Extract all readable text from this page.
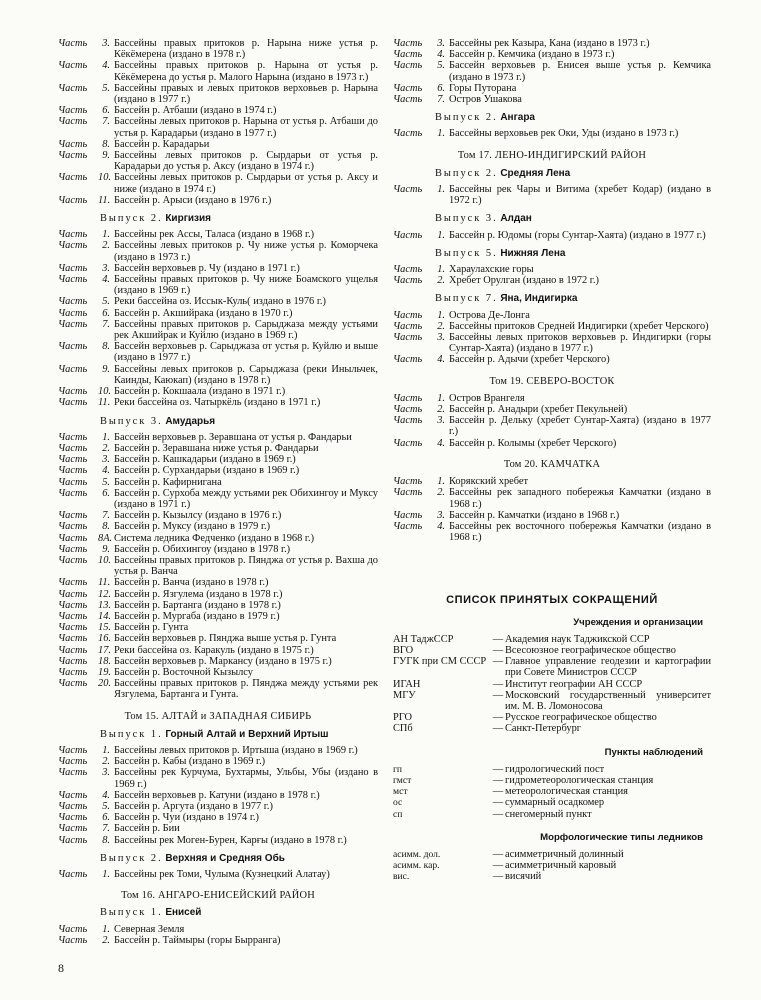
Часть	3. Бассейны правых притоков р. Нарына ниже устья р. Кёкёмерена (издано в 1978 г.)
Часть	4. Бассейны правых притоков р. Нарына от устья р. Кёкёмерена до устья р. Малого Нарына (издано в 1973 г.)
Часть	5. Бассейны правых и левых притоков верховьев р. Нарына (издано в 1977 г.)
Часть	6. Бассейн р. Атбаши (издано в 1974 г.)
Часть	7. Бассейны левых притоков р. Нарына от устья р. Атбаши до устья р. Карадарьи (издано в 1977 г.)
Часть	8. Бассейн р. Карадарьи
Часть	9. Бассейны левых притоков р. Сырдарьи от устья р. Карадарьи до устья р. Аксу (издано в 1974 г.)
Часть	10. Бассейны левых притоков р. Сырдарьи от устья р. Аксу и ниже (издано в 1974 г.)
Часть	11. Бассейн р. Арыси (издано в 1976 г.)
Выпуск 2. Киргизия
Часть	1. Бассейны рек Ассы, Таласа (издано в 1968 г.)
Часть	2. Бассейны левых притоков р. Чу ниже устья р. Коморчека (издано в 1973 г.)
Часть	3. Бассейн верховьев р. Чу (издано в 1971 г.)
Часть	4. Бассейны правых притоков р. Чу ниже Боамского ущелья (издано в 1969 г.)
Часть	5. Реки бассейна оз. Иссык-Куль( издано в 1976 г.)
Часть	6. Бассейн р. Акшийрака (издано в 1970 г.)
Часть	7. Бассейны правых притоков р. Сарыджаза между устьями рек Акшийрак и Куйлю (издано в 1969 г.)
Часть	8. Бассейн верховьев р. Сарыджаза от устья р. Куйлю и выше (издано в 1977 г.)
Часть	9. Бассейны левых притоков р. Сарыджаза (реки Иныльчек, Каинды, Каюкап) (издано в 1978 г.)
Часть	10. Бассейн р. Кокшаала (издано в 1971 г.)
Часть	11. Реки бассейна оз. Чатыркёль (издано в 1971 г.)
Выпуск 3. Амударья
Часть	1. Бассейн верховьев р. Зеравшана от устья р. Фандарьи
Часть	2. Бассейн р. Зеравшана ниже устья р. Фандарьи
Часть	3. Бассейн р. Кашкадарьи (издано в 1969 г.)
Часть	4. Бассейн р. Сурхандарьи (издано в 1969 г.)
Часть	5. Бассейн р. Кафирнигана
Часть	6. Бассейн р. Сурхоба между устьями рек Обихингоу и Муксу (издано в 1971 г.)
Часть	7. Бассейн р. Кызылсу (издано в 1976 г.)
Часть	8. Бассейн р. Муксу (издано в 1979 г.)
Часть	8А. Система ледника Федченко (издано в 1968 г.)
Часть	9. Бассейн р. Обихингоу (издано в 1978 г.)
Часть	10. Бассейны правых притоков р. Пянджа от устья р. Вахша до устья р. Ванча
Часть	11. Бассейн р. Ванча (издано в 1978 г.)
Часть	12. Бассейн р. Язгулема (издано в 1978 г.)
Часть	13. Бассейн р. Бартанга (издано в 1978 г.)
Часть	14. Бассейн р. Мургаба (издано в 1979 г.)
Часть	15. Бассейн р. Гунта
Часть	16. Бассейн верховьев р. Пянджа выше устья р. Гунта
Часть	17. Реки бассейна оз. Каракуль (издано в 1975 г.)
Часть	18. Бассейн верховьев р. Маркансу (издано в 1975 г.)
Часть	19. Бассейн р. Восточной Кызылсу
Часть	20. Бассейны правых притоков р. Пянджа между устьями рек Язгулема, Бартанга и Гунта.
Том 15. АЛТАЙ и ЗАПАДНАЯ СИБИРЬ
Выпуск 1. Горный Алтай и Верхний Иртыш
Часть	1. Бассейны левых притоков р. Иртыша (издано в 1969 г.)
Часть	2. Бассейн р. Кабы (издано в 1969 г.)
Часть	3. Бассейны рек Курчума, Бухтармы, Ульбы, Убы (издано в 1969 г.)
Часть	4. Бассейн верховьев р. Катуни (издано в 1978 г.)
Часть	5. Бассейн р. Аргута (издано в 1977 г.)
Часть	6. Бассейн р. Чуи (издано в 1974 г.)
Часть	7. Бассейн р. Бии
Часть	8. Бассейны рек Моген-Бурен, Карғы (издано в 1978 г.)
Выпуск 2. Верхняя и Средняя Обь
Часть	1. Бассейны рек Томи, Чулыма (Кузнецкий Алатау)
Том 16. АНГАРО-ЕНИСЕЙСКИЙ РАЙОН
Выпуск 1. Енисей
Часть	1. Северная Земля
Часть	2. Бассейн р. Таймыры (горы Бырранга)
Часть	3. Бассейны рек Казыра, Кана (издано в 1973 г.)
Часть	4. Бассейн р. Кемчика (издано в 1973 г.)
Часть	5. Бассейн верховьев р. Енисея выше устья р. Кемчика (издано в 1973 г.)
Часть	6. Горы Путорана
Часть	7. Остров Ушакова
Выпуск 2. Ангара
Часть	1. Бассейны верховьев рек Оки, Уды (издано в 1973 г.)
Том 17. ЛЕНО-ИНДИГИРСКИЙ РАЙОН
Выпуск 2. Средняя Лена
Часть	1. Бассейны рек Чары и Витима (хребет Кодар) (издано в 1972 г.)
Выпуск 3. Алдан
Часть	1. Бассейн р. Юдомы (горы Сунтар-Хаята) (издано в 1977 г.)
Выпуск 5. Нижняя Лена
Часть	1. Хараулахские горы
Часть	2. Хребет Орулган (издано в 1972 г.)
Выпуск 7. Яна, Индигирка
Часть	1. Острова Де-Лонга
Часть	2. Бассейны притоков Средней Индигирки (хребет Черского)
Часть	3. Бассейны левых притоков верховьев р. Индигирки (горы Сунтар-Хаята) (издано в 1977 г.)
Часть	4. Бассейн р. Адычи (хребет Черского)
Том 19. СЕВЕРО-ВОСТОК
Часть	1. Остров Врангеля
Часть	2. Бассейн р. Анадыри (хребет Пекульней)
Часть	3. Бассейн р. Дельку (хребет Сунтар-Хаята) (издано в 1977 г.)
Часть	4. Бассейн р. Колымы (хребет Черского)
Том 20. КАМЧАТКА
Часть	1. Корякский хребет
Часть	2. Бассейны рек западного побережья Камчатки (издано в 1968 г.)
Часть	3. Бассейн р. Камчатки (издано в 1968 г.)
Часть	4. Бассейны рек восточного побережья Камчатки (издано в 1968 г.)
СПИСОК ПРИНЯТЫХ СОКРАЩЕНИЙ
Учреждения и организации
АН ТаджССР	— Академия наук Таджикской ССР
ВГО	— Всесоюзное географическое общество
ГУГК при СМ СССР — Главное управление геодезии и картографии при Совете Министров СССР
ИГАН	— Институт географии АН СССР
МГУ	— Московский государственный университет им. М. В. Ломоносова
РГО	— Русское географическое общество
СПб	— Санкт-Петербург
Пункты наблюдений
гп	— гидрологический пост
гмст	— гидрометеорологическая станция
мст	— метеорологическая станция
ос	— суммарный осадкомер
сп	— снегомерный пункт
Морфологические типы ледников
асимм. дол.	— асимметричный долинный
асимм. кар.	— асимметричный каровый
вис.	— висячий
8
